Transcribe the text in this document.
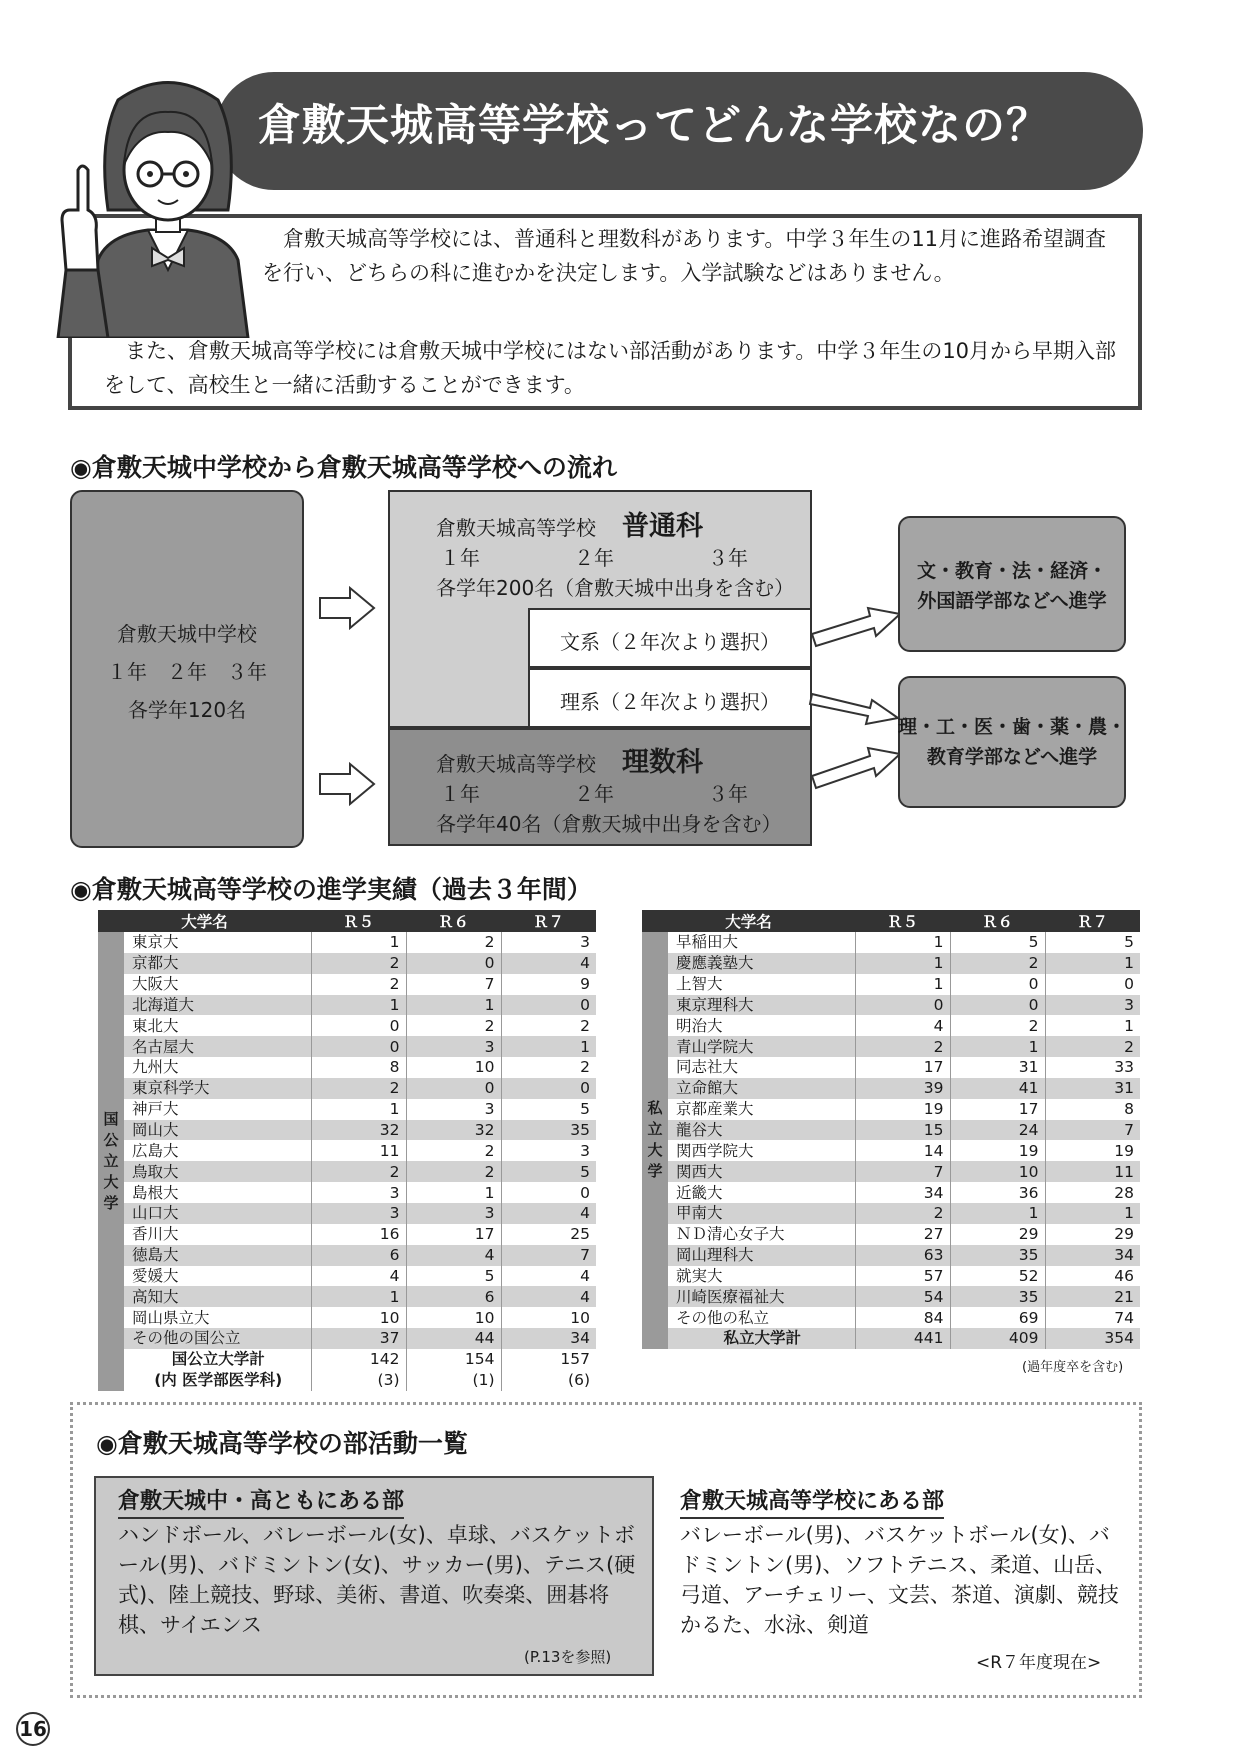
倉敷天城高等学校ってどんな学校なの？
　倉敷天城高等学校には、普通科と理数科があります。中学３年生の11月に進路希望調査を行い、どちらの科に進むかを決定します。入学試験などはありません。
　また、倉敷天城高等学校には倉敷天城中学校にはない部活動があります。中学３年生の10月から早期入部をして、高校生と一緒に活動することができます。
◉倉敷天城中学校から倉敷天城高等学校への流れ
倉敷天城中学校
１年　２年　３年
各学年120名
倉敷天城高等学校 普通科
１年	２年	３年
各学年200名（倉敷天城中出身を含む）
文系（２年次より選択）
理系（２年次より選択）
倉敷天城高等学校 理数科
１年	２年	３年
各学年40名（倉敷天城中出身を含む）
文・教育・法・経済・
外国語学部などへ進学
理・工・医・歯・薬・農・
教育学部などへ進学
◉倉敷天城高等学校の進学実績（過去３年間）
大学名		Ｒ５	Ｒ６	Ｒ７

国公立大学	東京大	1	2	3
	京都大	2	0	4
	大阪大	2	7	9
	北海道大	1	1	0
	東北大	0	2	2
	名古屋大	0	3	1
	九州大	8	10	2
	東京科学大	2	0	0
	神戸大	1	3	5
	岡山大	32	32	35
	広島大	11	2	3
	鳥取大	2	2	5
	島根大	3	1	0
	山口大	3	3	4
	香川大	16	17	25
	徳島大	6	4	7
	愛媛大	4	5	4
	高知大	1	6	4
	岡山県立大	10	10	10
	その他の国公立	37	44	34
	国公立大学計	142	154	157
	(内 医学部医学科)	(3)	(1)	(6)
大学名		Ｒ５	Ｒ６	Ｒ７

私立大学	早稲田大	1	5	5
	慶應義塾大	1	2	1
	上智大	1	0	0
	東京理科大	0	0	3
	明治大	4	2	1
	青山学院大	2	1	2
	同志社大	17	31	33
	立命館大	39	41	31
	京都産業大	19	17	8
	龍谷大	15	24	7
	関西学院大	14	19	19
	関西大	7	10	11
	近畿大	34	36	28
	甲南大	2	1	1
	ＮＤ清心女子大	27	29	29
	岡山理科大	63	35	34
	就実大	57	52	46
	川崎医療福祉大	54	35	21
	その他の私立	84	69	74
	私立大学計	441	409	354
(過年度卒を含む)
◉倉敷天城高等学校の部活動一覧
倉敷天城中・高ともにある部
ハンドボール、バレーボール(女)、卓球、バスケットボール(男)、バドミントン(女)、サッカー(男)、テニス(硬式)、陸上競技、野球、美術、書道、吹奏楽、囲碁将棋、サイエンス
(P.13を参照)
倉敷天城高等学校にある部
バレーボール(男)、バスケットボール(女)、バドミントン(男)、ソフトテニス、柔道、山岳、弓道、アーチェリー、文芸、茶道、演劇、競技かるた、水泳、剣道
<R７年度現在>
16
